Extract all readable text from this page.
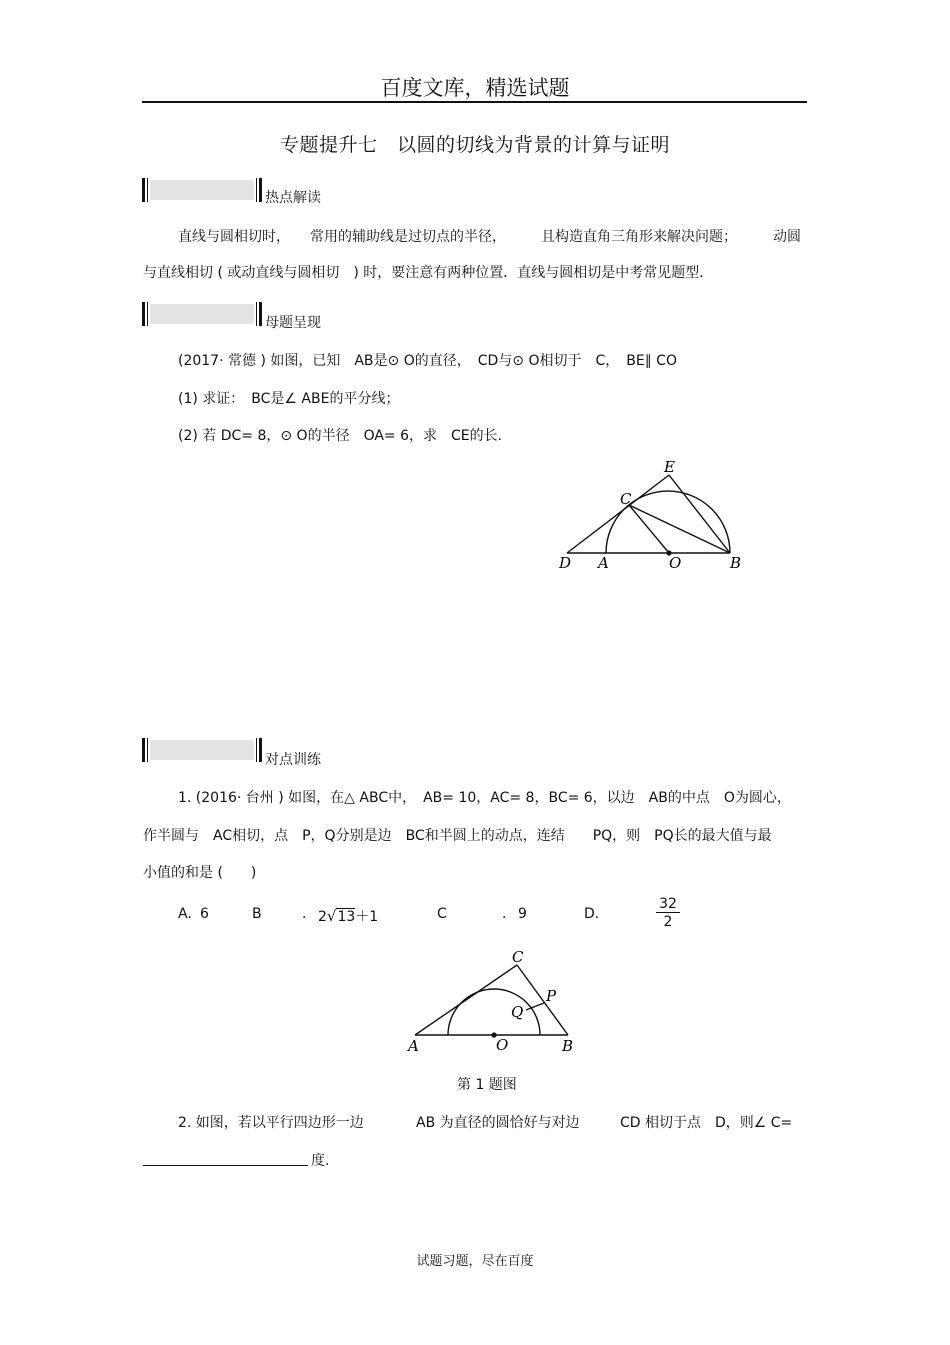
百度文库，精选试题
专题提升七　以圆的切线为背景的计算与证明
热点解读
直线与圆相切时， 常用的辅助线是过切点的半径，	且构造直角三角形来解决问题；	动圆
与直线相切 ( 或动直线与圆相切　) 时，要注意有两种位置．直线与圆相切是中考常见题型．
母题呈现
(2017· 常德 ) 如图，已知　AB是⊙ O的直径，　CD与⊙ O相切于　C，　BE∥ CO
(1) 求证：　BC是∠ ABE的平分线；
(2) 若 DC= 8，⊙ O的半径　OA= 6，求　CE的长.
E
C
D A	O	B
对点训练
1. (2016· 台州 ) 如图，在△ ABC中，　AB= 10，AC= 8，BC= 6，以边　AB的中点　O为圆心，
作半圆与　AC相切，点　P，Q分别是边　BC和半圆上的动点，连结　　PQ，则　PQ长的最大值与最
小值的和是 (　　)
A. 6	B	. 2√13＋1	C	. 9	D.	$\frac{32}{2}$
C
P
Q
A	O	B
第 1 题图
2. 如图，若以平行四边形一边	AB 为直径的圆恰好与对边	CD 相切于点　D，则∠ C=
度.
试题习题，尽在百度
